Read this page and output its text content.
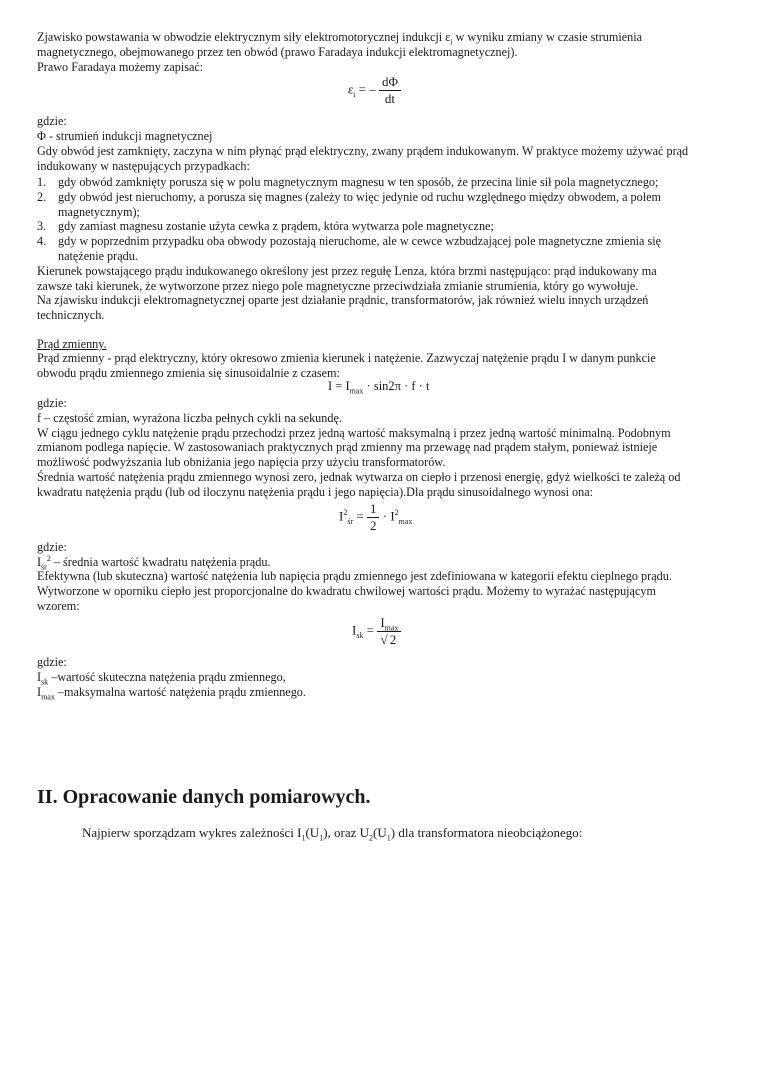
Zjawisko powstawania w obwodzie elektrycznym siły elektromotorycznej indukcji $\varepsilon_i$ w wyniku zmiany w czasie strumienia

magnetycznego, obejmowanego przez ten obwód (prawo Faradaya indukcji elektromagnetycznej).

Prawo Faradaya możemy zapisać:

$\varepsilon_i$ = – $\frac{d\Phi}{dt}$

gdzie:

Φ - strumień indukcji magnetycznej

Gdy obwód jest zamknięty, zaczyna w nim płynąć prąd elektryczny, zwany prądem indukowanym. W praktyce możemy używać prąd

indukowany w następujących przypadkach:

1. gdy obwód zamknięty porusza się w polu magnetycznym magnesu w ten sposób, że przecina linie sił pola magnetycznego;

2. gdy obwód jest nieruchomy, a porusza się magnes (zależy to więc jedynie od ruchu względnego między obwodem, a polem

magnetycznym);

3. gdy zamiast magnesu zostanie użyta cewka z prądem, która wytwarza pole magnetyczne;

4. gdy w poprzednim przypadku oba obwody pozostają nieruchome, ale w cewce wzbudzającej pole magnetyczne zmienia się

natężenie prądu.

Kierunek powstającego prądu indukowanego określony jest przez regułę Lenza, która brzmi następująco: prąd indukowany ma

zawsze taki kierunek, że wytworzone przez niego pole magnetyczne przeciwdziała zmianie strumienia, który go wywołuje.

Na zjawisku indukcji elektromagnetycznej oparte jest działanie prądnic, transformatorów, jak również wielu innych urządzeń

technicznych.

Prąd zmienny.

Prąd zmienny - prąd elektryczny, który okresowo zmienia kierunek i natężenie. Zazwyczaj natężenie prądu I w danym punkcie

obwodu prądu zmiennego zmienia się sinusoidalnie z czasem:

$I = I_{max} \cdot \sin 2\pi \cdot f \cdot t$

gdzie:

f – częstość zmian, wyrażona liczba pełnych cykli na sekundę.

W ciągu jednego cyklu natężenie prądu przechodzi przez jedną wartość maksymalną i przez jedną wartość minimalną. Podobnym

zmianom podlega napięcie. W zastosowaniach praktycznych prąd zmienny ma przewagę nad prądem stałym, ponieważ istnieje

możliwość podwyższania lub obniżania jego napięcia przy użyciu transformatorów.

Średnia wartość natężenia prądu zmiennego wynosi zero, jednak wytwarza on ciepło i przenosi energię, gdyż wielkości te zależą od

kwadratu natężenia prądu (lub od iloczynu natężenia prądu i jego napięcia).Dla prądu sinusoidalnego wynosi ona:

$I^2_{śr} = \frac{1}{2} \cdot I^2_{max}$

gdzie:

$I_{śr}^2$ – średnia wartość kwadratu natężenia prądu.

Efektywna (lub skuteczna) wartość natężenia lub napięcia prądu zmiennego jest zdefiniowana w kategorii efektu cieplnego prądu.

Wytworzone w oporniku ciepło jest proporcjonalne do kwadratu chwilowej wartości prądu. Możemy to wyrażać następującym

wzorem:

$I_{sk} = \frac{I_{max}}{√ 2}$

gdzie:

$I_{sk}$ –wartość skuteczna natężenia prądu zmiennego,

$I_{max}$ –maksymalna wartość natężenia prądu zmiennego.

II. Opracowanie danych pomiarowych.

Najpierw sporządzam wykres zależności $I_1(U_1)$, oraz $U_2(U_1)$ dla transformatora nieobciążonego:
